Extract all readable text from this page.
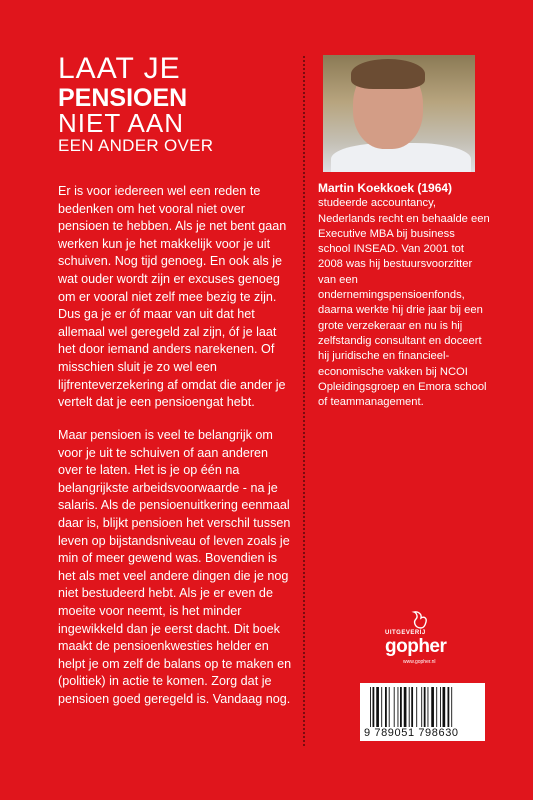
LAAT JE
PENSIOEN
NIET AAN
EEN ANDER OVER
Er is voor iedereen wel een reden te bedenken om het vooral niet over pensioen te hebben. Als je net bent gaan werken kun je het makkelijk voor je uit schuiven. Nog tijd genoeg. En ook als je wat ouder wordt zijn er excuses genoeg om er vooral niet zelf mee bezig te zijn. Dus ga je er óf maar van uit dat het allemaal wel geregeld zal zijn, óf je laat het door iemand anders narekenen. Of misschien sluit je zo wel een lijfrenteverzekering af omdat die ander je vertelt dat je een pensioengat hebt.
Maar pensioen is veel te belangrijk om voor je uit te schuiven of aan anderen over te laten. Het is je op één na belangrijkste arbeidsvoorwaarde - na je salaris. Als de pensioenuitkering eenmaal daar is, blijkt pensioen het verschil tussen leven op bijstandsniveau of leven zoals je min of meer gewend was. Bovendien is het als met veel andere dingen die je nog niet bestudeerd hebt. Als je er even de moeite voor neemt, is het minder ingewikkeld dan je eerst dacht. Dit boek maakt de pensioenkwesties helder en helpt je om zelf de balans op te maken en (politiek) in actie te komen. Zorg dat je pensioen goed geregeld is. Vandaag nog.
Martin Koekkoek (1964)
studeerde accountancy, Nederlands recht en behaalde een Executive MBA bij business school INSEAD. Van 2001 tot 2008 was hij bestuursvoorzitter van een ondernemingspensioenfonds, daarna werkte hij drie jaar bij een grote verzekeraar en nu is hij zelfstandig consultant en doceert hij juridische en financieel-economische vakken bij NCOI Opleidingsgroep en Emora school of teammanagement.
UITGEVERIJ
gopher
www.gopher.nl
9 789051 798630
